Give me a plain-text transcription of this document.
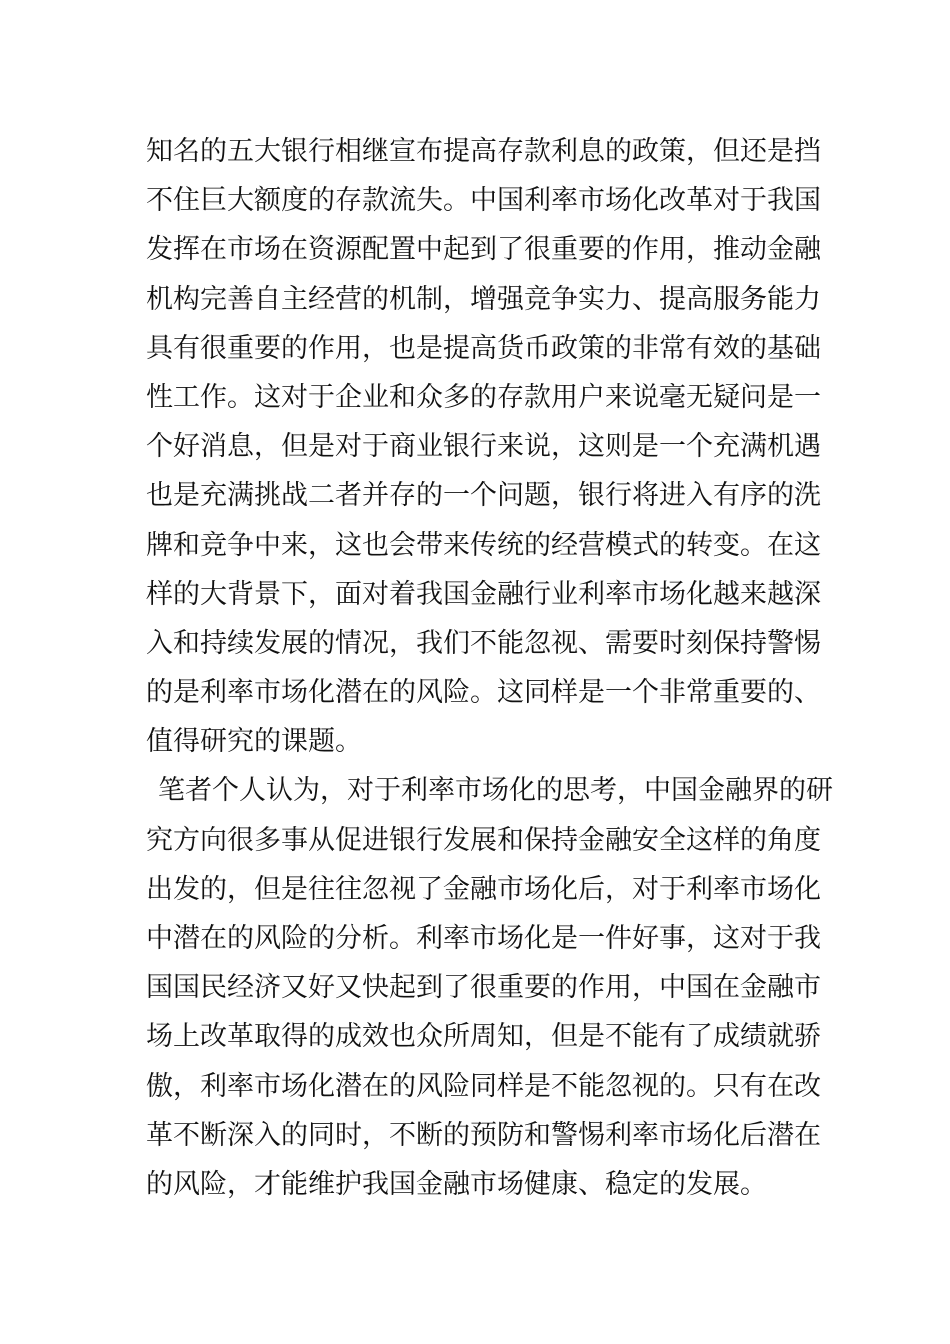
知名的五大银行相继宣布提高存款利息的政策，但还是挡
不住巨大额度的存款流失。中国利率市场化改革对于我国
发挥在市场在资源配置中起到了很重要的作用，推动金融
机构完善自主经营的机制，增强竞争实力、提高服务能力
具有很重要的作用，也是提高货币政策的非常有效的基础
性工作。这对于企业和众多的存款用户来说毫无疑问是一
个好消息，但是对于商业银行来说，这则是一个充满机遇
也是充满挑战二者并存的一个问题，银行将进入有序的洗
牌和竞争中来，这也会带来传统的经营模式的转变。在这
样的大背景下，面对着我国金融行业利率市场化越来越深
入和持续发展的情况，我们不能忽视、需要时刻保持警惕
的是利率市场化潜在的风险。这同样是一个非常重要的、
值得研究的课题。
笔者个人认为，对于利率市场化的思考，中国金融界的研
究方向很多事从促进银行发展和保持金融安全这样的角度
出发的，但是往往忽视了金融市场化后，对于利率市场化
中潜在的风险的分析。利率市场化是一件好事，这对于我
国国民经济又好又快起到了很重要的作用，中国在金融市
场上改革取得的成效也众所周知，但是不能有了成绩就骄
傲，利率市场化潜在的风险同样是不能忽视的。只有在改
革不断深入的同时，不断的预防和警惕利率市场化后潜在
的风险，才能维护我国金融市场健康、稳定的发展。
